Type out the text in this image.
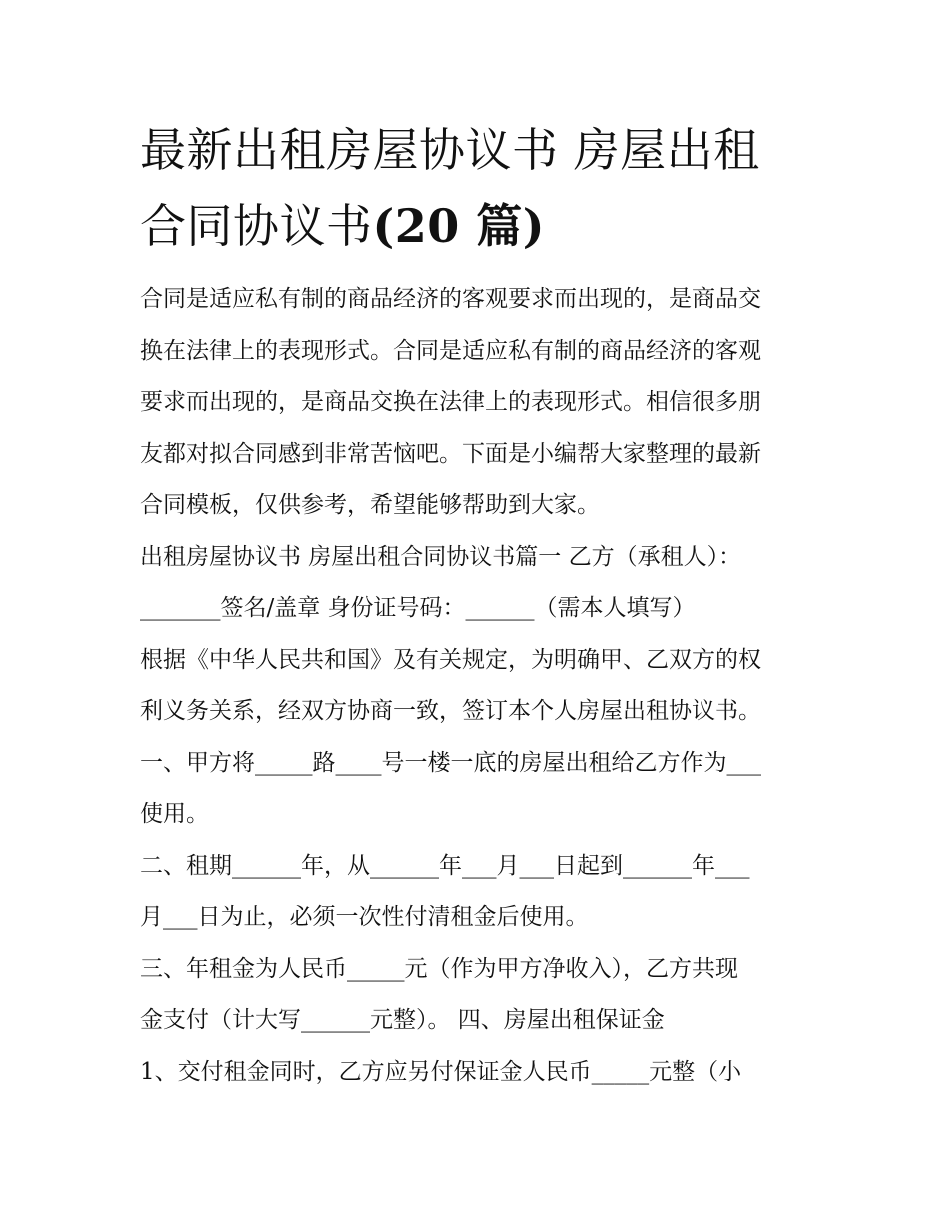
最新出租房屋协议书 房屋出租
合同协议书(20 篇)
合同是适应私有制的商品经济的客观要求而出现的，是商品交
换在法律上的表现形式。合同是适应私有制的商品经济的客观
要求而出现的，是商品交换在法律上的表现形式。相信很多朋
友都对拟合同感到非常苦恼吧。下面是小编帮大家整理的最新
合同模板，仅供参考，希望能够帮助到大家。
出租房屋协议书 房屋出租合同协议书篇一 乙方（承租人）：
_______签名/盖章 身份证号码：______（需本人填写）
根据《中华人民共和国》及有关规定，为明确甲、乙双方的权
利义务关系，经双方协商一致，签订本个人房屋出租协议书。
一、甲方将_____路____号一楼一底的房屋出租给乙方作为___
使用。
二、租期______年，从______年___月___日起到______年___
月___日为止，必须一次性付清租金后使用。
三、年租金为人民币_____元（作为甲方净收入），乙方共现
金支付（计大写______元整）。 四、房屋出租保证金
1、交付租金同时，乙方应另付保证金人民币_____元整（小
